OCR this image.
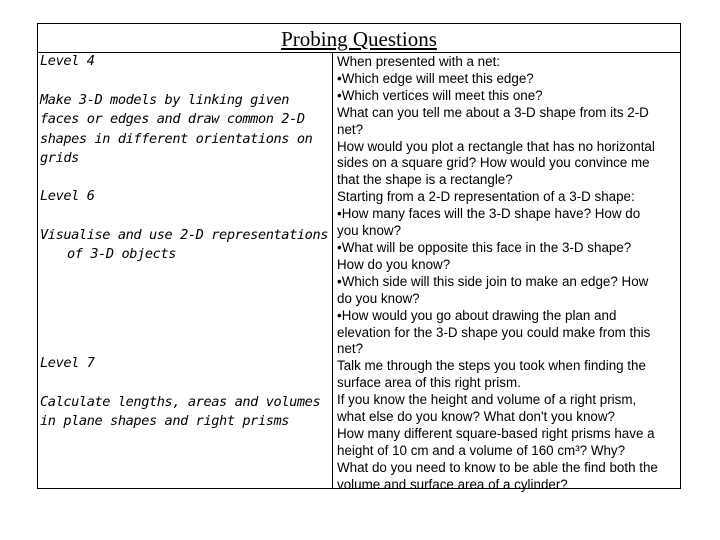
Probing Questions

Level 4

Make 3-D models by linking given faces or edges and draw common 2-D shapes in different orientations on grids

Level 6

Visualise and use 2-D representations

of 3-D objects

Level 7

Calculate lengths, areas and volumes in plane shapes and right prisms

When presented with a net:
•Which edge will meet this edge?
•Which vertices will meet this one?
What can you tell me about a 3-D shape from its 2-D
net?
How would you plot a rectangle that has no horizontal
sides on a square grid? How would you convince me
that the shape is a rectangle?
Starting from a 2-D representation of a 3-D shape:
•How many faces will the 3-D shape have? How do
you know?
•What will be opposite this face in the 3-D shape?
How do you know?
•Which side will this side join to make an edge? How
do you know?
•How would you go about drawing the plan and
elevation for the 3-D shape you could make from this
net?
Talk me through the steps you took when finding the
surface area of this right prism.
If you know the height and volume of a right prism,
what else do you know? What don't you know?
How many different square-based right prisms have a
height of 10 cm and a volume of 160 cm³? Why?
What do you need to know to be able the find both the
volume and surface area of a cylinder?
